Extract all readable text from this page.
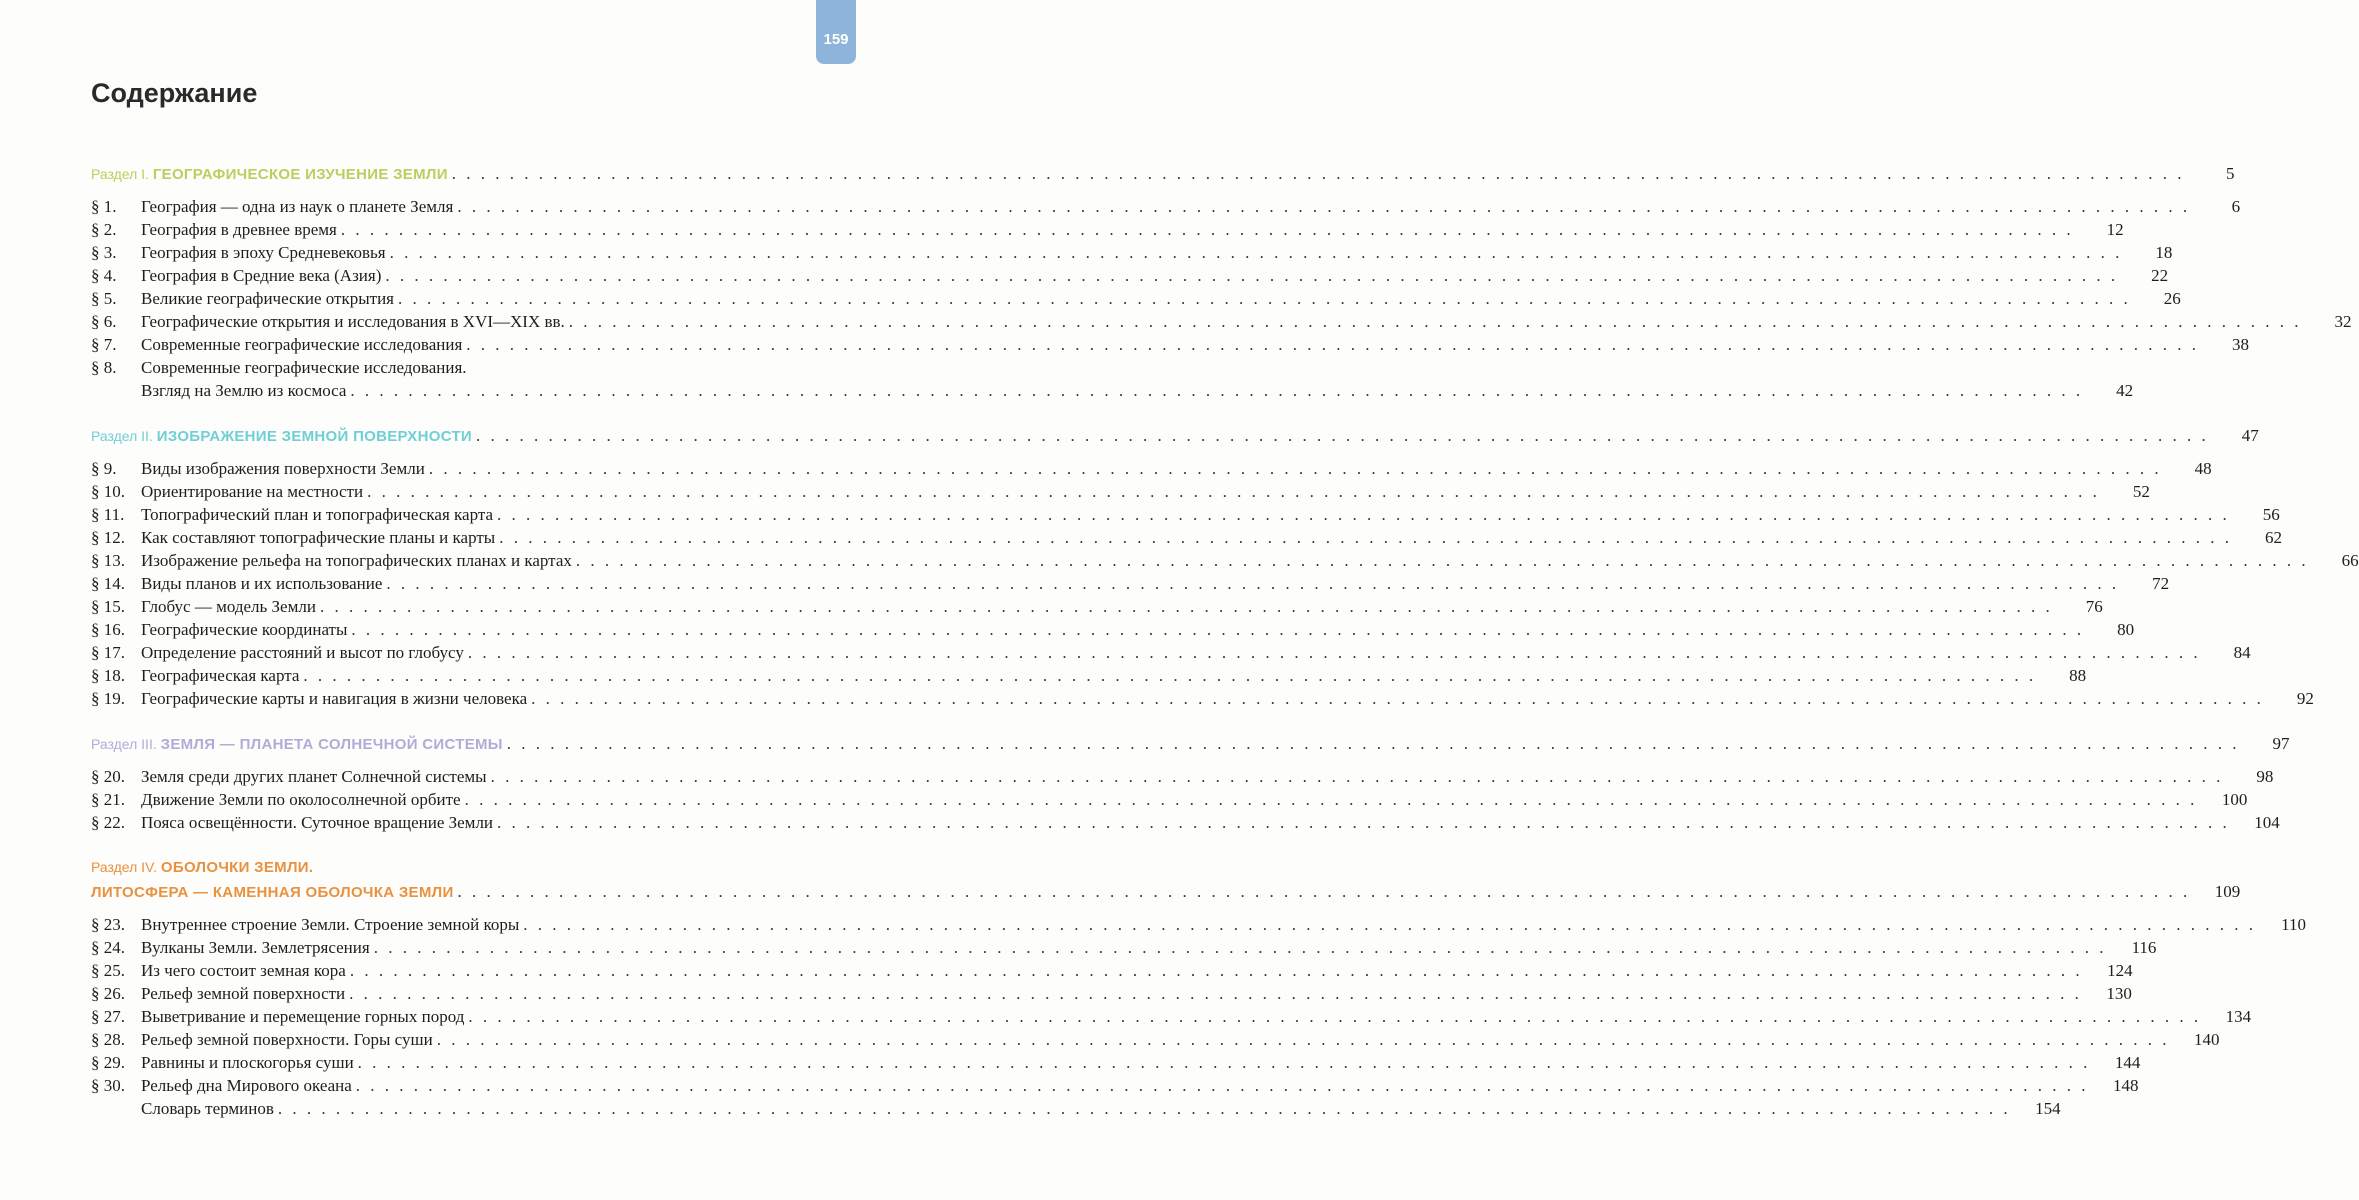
159
Содержание
Раздел I. ГЕОГРАФИЧЕСКОЕ ИЗУЧЕНИЕ ЗЕМЛИ . . . . . . . . . . . . . . . . . . . . . . . . . . . . . . . . . . . . . . . . . . . . . . . . . . . . . . . . . . . . . . . . . . . . . . . . . . . . . . . . . . . . . . . . . . . . . . . . . . . . . . . . . . . . . . . . . . . . . . . .	5
§ 1.	География — одна из наук о планете Земля . . . . . . . . . . . . . . . . . . . . . . . . . . . . . . . . . . . . . . . . . . . . . . . . . . . . . . . . . . . . . . . . . . . . . . . . . . . . . . . . . . . . . . . . . . . . . . . . . . . . . . . . . . . . . . . . . . . . . . . .	6
§ 2.	География в древнее время . . . . . . . . . . . . . . . . . . . . . . . . . . . . . . . . . . . . . . . . . . . . . . . . . . . . . . . . . . . . . . . . . . . . . . . . . . . . . . . . . . . . . . . . . . . . . . . . . . . . . . . . . . . . . . . . . . . . . . . .	12
§ 3.	География в эпоху Средневековья . . . . . . . . . . . . . . . . . . . . . . . . . . . . . . . . . . . . . . . . . . . . . . . . . . . . . . . . . . . . . . . . . . . . . . . . . . . . . . . . . . . . . . . . . . . . . . . . . . . . . . . . . . . . . . . . . . . . . . . .	18
§ 4.	География в Средние века (Азия) . . . . . . . . . . . . . . . . . . . . . . . . . . . . . . . . . . . . . . . . . . . . . . . . . . . . . . . . . . . . . . . . . . . . . . . . . . . . . . . . . . . . . . . . . . . . . . . . . . . . . . . . . . . . . . . . . . . . . . . .	22
§ 5.	Великие географические открытия . . . . . . . . . . . . . . . . . . . . . . . . . . . . . . . . . . . . . . . . . . . . . . . . . . . . . . . . . . . . . . . . . . . . . . . . . . . . . . . . . . . . . . . . . . . . . . . . . . . . . . . . . . . . . . . . . . . . . . . .	26
§ 6.	Географические открытия и исследования в XVI—XIX вв. . . . . . . . . . . . . . . . . . . . . . . . . . . . . . . . . . . . . . . . . . . . . . . . . . . . . . . . . . . . . . . . . . . . . . . . . . . . . . . . . . . . . . . . . . . . . . . . . . . . . . . . . . . . . . . . . . . . . . . . .	32
§ 7.	Современные географические исследования . . . . . . . . . . . . . . . . . . . . . . . . . . . . . . . . . . . . . . . . . . . . . . . . . . . . . . . . . . . . . . . . . . . . . . . . . . . . . . . . . . . . . . . . . . . . . . . . . . . . . . . . . . . . . . . . . . . . . . . .	38
§ 8.	Современные географические исследования.
Взгляд на Землю из космоса . . . . . . . . . . . . . . . . . . . . . . . . . . . . . . . . . . . . . . . . . . . . . . . . . . . . . . . . . . . . . . . . . . . . . . . . . . . . . . . . . . . . . . . . . . . . . . . . . . . . . . . . . . . . . . . . . . . . . . . .	42
Раздел II. ИЗОБРАЖЕНИЕ ЗЕМНОЙ ПОВЕРХНОСТИ . . . . . . . . . . . . . . . . . . . . . . . . . . . . . . . . . . . . . . . . . . . . . . . . . . . . . . . . . . . . . . . . . . . . . . . . . . . . . . . . . . . . . . . . . . . . . . . . . . . . . . . . . . . . . . . . . . . . . . . .	47
§ 9.	Виды изображения поверхности Земли . . . . . . . . . . . . . . . . . . . . . . . . . . . . . . . . . . . . . . . . . . . . . . . . . . . . . . . . . . . . . . . . . . . . . . . . . . . . . . . . . . . . . . . . . . . . . . . . . . . . . . . . . . . . . . . . . . . . . . . .	48
§ 10. Ориентирование на местности . . . . . . . . . . . . . . . . . . . . . . . . . . . . . . . . . . . . . . . . . . . . . . . . . . . . . . . . . . . . . . . . . . . . . . . . . . . . . . . . . . . . . . . . . . . . . . . . . . . . . . . . . . . . . . . . . . . . . . . .	52
§ 11. Топографический план и топографическая карта . . . . . . . . . . . . . . . . . . . . . . . . . . . . . . . . . . . . . . . . . . . . . . . . . . . . . . . . . . . . . . . . . . . . . . . . . . . . . . . . . . . . . . . . . . . . . . . . . . . . . . . . . . . . . . . . . . . . . . . .	56
§ 12. Как составляют топографические планы и карты . . . . . . . . . . . . . . . . . . . . . . . . . . . . . . . . . . . . . . . . . . . . . . . . . . . . . . . . . . . . . . . . . . . . . . . . . . . . . . . . . . . . . . . . . . . . . . . . . . . . . . . . . . . . . . . . . . . . . . . .	62
§ 13. Изображение рельефа на топографических планах и картах . . . . . . . . . . . . . . . . . . . . . . . . . . . . . . . . . . . . . . . . . . . . . . . . . . . . . . . . . . . . . . . . . . . . . . . . . . . . . . . . . . . . . . . . . . . . . . . . . . . . . . . . . . . . . . . . . . . . . . . .	66
§ 14. Виды планов и их использование . . . . . . . . . . . . . . . . . . . . . . . . . . . . . . . . . . . . . . . . . . . . . . . . . . . . . . . . . . . . . . . . . . . . . . . . . . . . . . . . . . . . . . . . . . . . . . . . . . . . . . . . . . . . . . . . . . . . . . . .	72
§ 15. Глобус — модель Земли . . . . . . . . . . . . . . . . . . . . . . . . . . . . . . . . . . . . . . . . . . . . . . . . . . . . . . . . . . . . . . . . . . . . . . . . . . . . . . . . . . . . . . . . . . . . . . . . . . . . . . . . . . . . . . . . . . . . . . . .	76
§ 16. Географические координаты . . . . . . . . . . . . . . . . . . . . . . . . . . . . . . . . . . . . . . . . . . . . . . . . . . . . . . . . . . . . . . . . . . . . . . . . . . . . . . . . . . . . . . . . . . . . . . . . . . . . . . . . . . . . . . . . . . . . . . . .	80
§ 17. Определение расстояний и высот по глобусу . . . . . . . . . . . . . . . . . . . . . . . . . . . . . . . . . . . . . . . . . . . . . . . . . . . . . . . . . . . . . . . . . . . . . . . . . . . . . . . . . . . . . . . . . . . . . . . . . . . . . . . . . . . . . . . . . . . . . . . .	84
§ 18. Географическая карта . . . . . . . . . . . . . . . . . . . . . . . . . . . . . . . . . . . . . . . . . . . . . . . . . . . . . . . . . . . . . . . . . . . . . . . . . . . . . . . . . . . . . . . . . . . . . . . . . . . . . . . . . . . . . . . . . . . . . . . .	88
§ 19. Географические карты и навигация в жизни человека . . . . . . . . . . . . . . . . . . . . . . . . . . . . . . . . . . . . . . . . . . . . . . . . . . . . . . . . . . . . . . . . . . . . . . . . . . . . . . . . . . . . . . . . . . . . . . . . . . . . . . . . . . . . . . . . . . . . . . . .	92
Раздел III. ЗЕМЛЯ — ПЛАНЕТА СОЛНЕЧНОЙ СИСТЕМЫ . . . . . . . . . . . . . . . . . . . . . . . . . . . . . . . . . . . . . . . . . . . . . . . . . . . . . . . . . . . . . . . . . . . . . . . . . . . . . . . . . . . . . . . . . . . . . . . . . . . . . . . . . . . . . . . . . . . . . . . .	97
§ 20. Земля среди других планет Солнечной системы . . . . . . . . . . . . . . . . . . . . . . . . . . . . . . . . . . . . . . . . . . . . . . . . . . . . . . . . . . . . . . . . . . . . . . . . . . . . . . . . . . . . . . . . . . . . . . . . . . . . . . . . . . . . . . . . . . . . . . . .	98
§ 21. Движение Земли по околосолнечной орбите . . . . . . . . . . . . . . . . . . . . . . . . . . . . . . . . . . . . . . . . . . . . . . . . . . . . . . . . . . . . . . . . . . . . . . . . . . . . . . . . . . . . . . . . . . . . . . . . . . . . . . . . . . . . . . . . . . . . . . . .	100
§ 22. Пояса освещённости. Суточное вращение Земли . . . . . . . . . . . . . . . . . . . . . . . . . . . . . . . . . . . . . . . . . . . . . . . . . . . . . . . . . . . . . . . . . . . . . . . . . . . . . . . . . . . . . . . . . . . . . . . . . . . . . . . . . . . . . . . . . . . . . . . .	104
Раздел IV. ОБОЛОЧКИ ЗЕМЛИ.
ЛИТОСФЕРА — КАМЕННАЯ ОБОЛОЧКА ЗЕМЛИ . . . . . . . . . . . . . . . . . . . . . . . . . . . . . . . . . . . . . . . . . . . . . . . . . . . . . . . . . . . . . . . . . . . . . . . . . . . . . . . . . . . . . . . . . . . . . . . . . . . . . . . . . . . . . . . . . . . . . . . .	109
§ 23. Внутреннее строение Земли. Строение земной коры . . . . . . . . . . . . . . . . . . . . . . . . . . . . . . . . . . . . . . . . . . . . . . . . . . . . . . . . . . . . . . . . . . . . . . . . . . . . . . . . . . . . . . . . . . . . . . . . . . . . . . . . . . . . . . . . . . . . . . . .	110
§ 24. Вулканы Земли. Землетрясения . . . . . . . . . . . . . . . . . . . . . . . . . . . . . . . . . . . . . . . . . . . . . . . . . . . . . . . . . . . . . . . . . . . . . . . . . . . . . . . . . . . . . . . . . . . . . . . . . . . . . . . . . . . . . . . . . . . . . . . .	116
§ 25. Из чего состоит земная кора . . . . . . . . . . . . . . . . . . . . . . . . . . . . . . . . . . . . . . . . . . . . . . . . . . . . . . . . . . . . . . . . . . . . . . . . . . . . . . . . . . . . . . . . . . . . . . . . . . . . . . . . . . . . . . . . . . . . . . . .	124
§ 26. Рельеф земной поверхности . . . . . . . . . . . . . . . . . . . . . . . . . . . . . . . . . . . . . . . . . . . . . . . . . . . . . . . . . . . . . . . . . . . . . . . . . . . . . . . . . . . . . . . . . . . . . . . . . . . . . . . . . . . . . . . . . . . . . . . .	130
§ 27. Выветривание и перемещение горных пород . . . . . . . . . . . . . . . . . . . . . . . . . . . . . . . . . . . . . . . . . . . . . . . . . . . . . . . . . . . . . . . . . . . . . . . . . . . . . . . . . . . . . . . . . . . . . . . . . . . . . . . . . . . . . . . . . . . . . . . .	134
§ 28. Рельеф земной поверхности. Горы суши . . . . . . . . . . . . . . . . . . . . . . . . . . . . . . . . . . . . . . . . . . . . . . . . . . . . . . . . . . . . . . . . . . . . . . . . . . . . . . . . . . . . . . . . . . . . . . . . . . . . . . . . . . . . . . . . . . . . . . . .	140
§ 29. Равнины и плоскогорья суши . . . . . . . . . . . . . . . . . . . . . . . . . . . . . . . . . . . . . . . . . . . . . . . . . . . . . . . . . . . . . . . . . . . . . . . . . . . . . . . . . . . . . . . . . . . . . . . . . . . . . . . . . . . . . . . . . . . . . . . .	144
§ 30. Рельеф дна Мирового океана . . . . . . . . . . . . . . . . . . . . . . . . . . . . . . . . . . . . . . . . . . . . . . . . . . . . . . . . . . . . . . . . . . . . . . . . . . . . . . . . . . . . . . . . . . . . . . . . . . . . . . . . . . . . . . . . . . . . . . . .	148
Словарь терминов . . . . . . . . . . . . . . . . . . . . . . . . . . . . . . . . . . . . . . . . . . . . . . . . . . . . . . . . . . . . . . . . . . . . . . . . . . . . . . . . . . . . . . . . . . . . . . . . . . . . . . . . . . . . . . . . . . . . . . . .	154
